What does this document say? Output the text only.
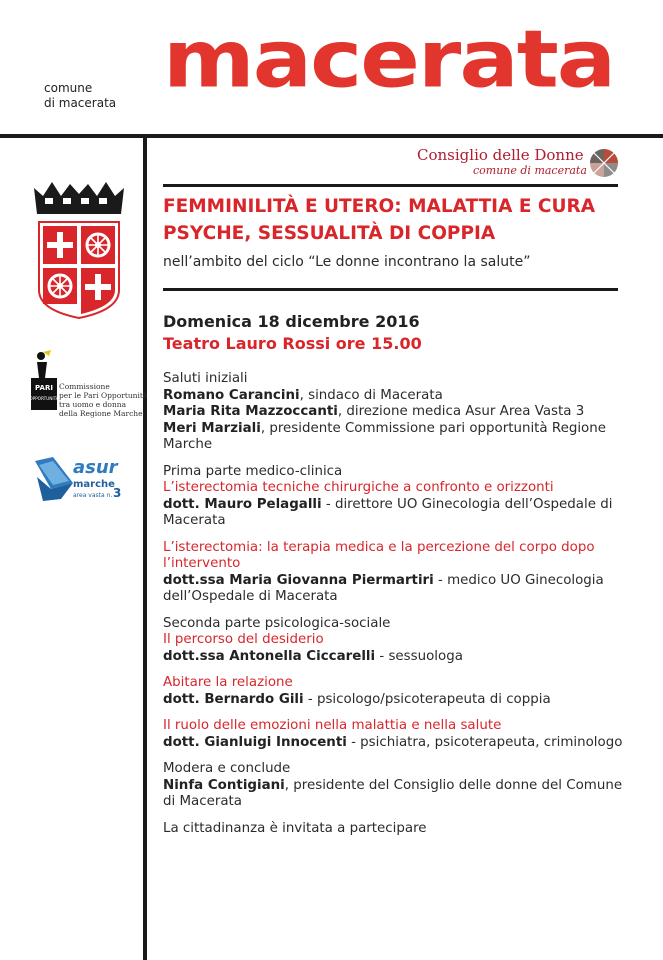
comune
di macerata macerata
Consiglio delle Donne
comune di macerata
PARI
OPPORTUNITÀ
Commissione
per le Pari Opportunità
tra uomo e donna
della Regione Marche
asur
marche
area vasta n. 3
FEMMINILITÀ E UTERO: MALATTIA E CURA
PSYCHE, SESSUALITÀ DI COPPIA
nell’ambito del ciclo “Le donne incontrano la salute”
Domenica 18 dicembre 2016
Teatro Lauro Rossi ore 15.00

Saluti iniziali

Romano Carancini, sindaco di Macerata

Maria Rita Mazzoccanti, direzione medica Asur Area Vasta 3

Meri Marziali, presidente Commissione pari opportunità Regione Marche

Prima parte medico-clinica

L’isterectomia tecniche chirurgiche a confronto e orizzonti

dott. Mauro Pelagalli - direttore UO Ginecologia dell’Ospedale di Macerata

L’isterectomia: la terapia medica e la percezione del corpo dopo l’intervento

dott.ssa Maria Giovanna Piermartiri - medico UO Ginecologia dell’Ospedale di Macerata

Seconda parte psicologica-sociale

Il percorso del desiderio

dott.ssa Antonella Ciccarelli - sessuologa

Abitare la relazione

dott. Bernardo Gili - psicologo/psicoterapeuta di coppia

Il ruolo delle emozioni nella malattia e nella salute

dott. Gianluigi Innocenti - psichiatra, psicoterapeuta, criminologo

Modera e conclude

Ninfa Contigiani, presidente del Consiglio delle donne del Comune di Macerata

La cittadinanza è invitata a partecipare
